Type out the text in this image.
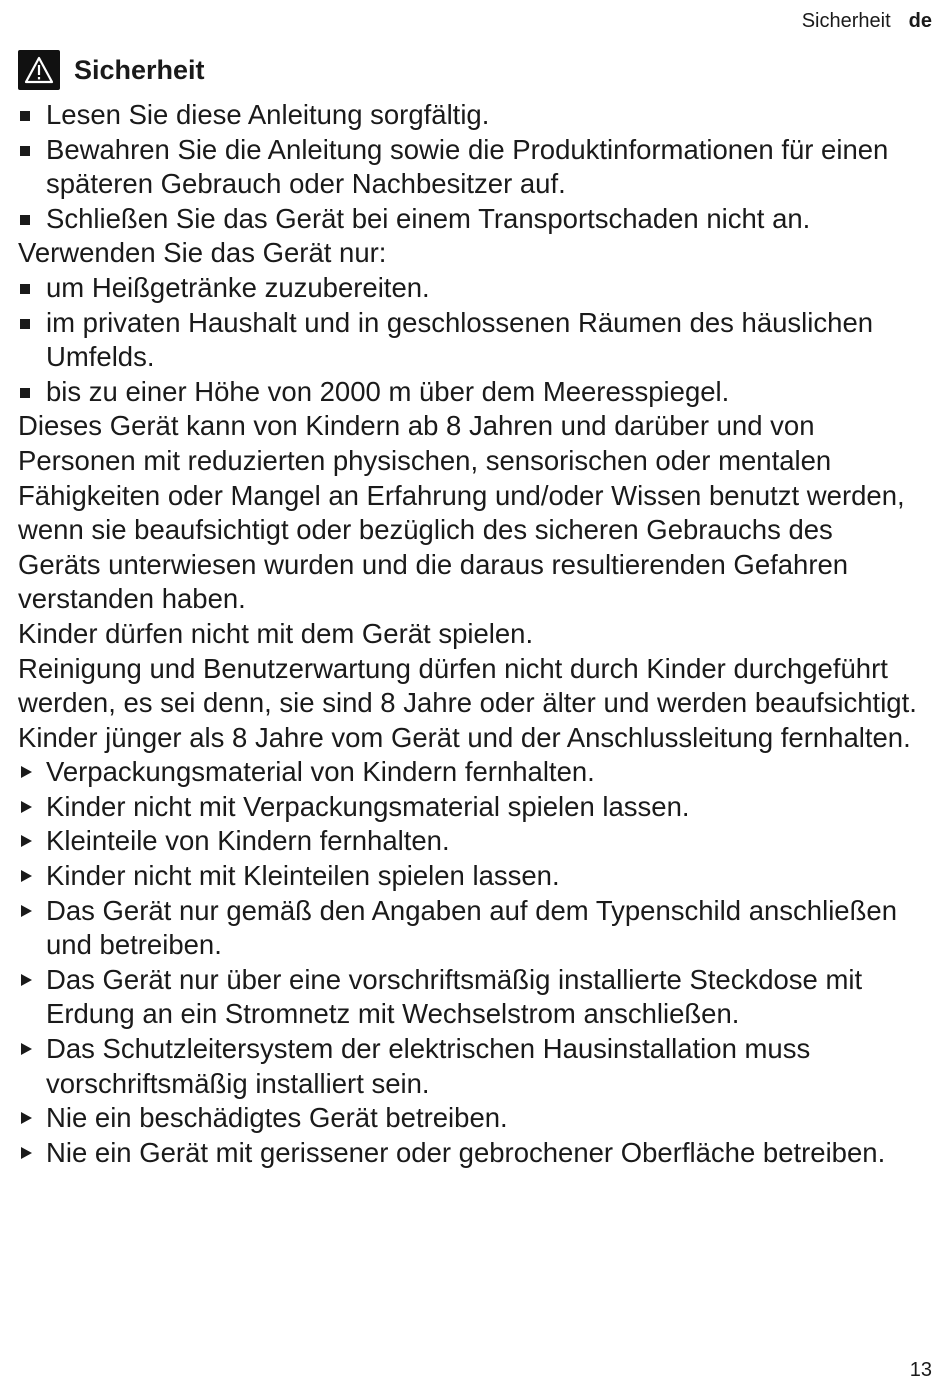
Sicherheit de
Sicherheit
Lesen Sie diese Anleitung sorgfältig.
Bewahren Sie die Anleitung sowie die Produktinformationen für einen späteren Gebrauch oder Nachbesitzer auf.
Schließen Sie das Gerät bei einem Transportschaden nicht an.

Verwenden Sie das Gerät nur:

um Heißgetränke zuzubereiten.
im privaten Haushalt und in geschlossenen Räumen des häuslichen Umfelds.
bis zu einer Höhe von 2000 m über dem Meeresspiegel.

Dieses Gerät kann von Kindern ab 8 Jahren und darüber und von Personen mit reduzierten physischen, sensorischen oder mentalen Fähigkeiten oder Mangel an Erfahrung und/oder Wissen benutzt werden, wenn sie beaufsichtigt oder bezüglich des sicheren Gebrauchs des Geräts unterwiesen wurden und die daraus resultierenden Gefahren verstanden haben.

Kinder dürfen nicht mit dem Gerät spielen.

Reinigung und Benutzerwartung dürfen nicht durch Kinder durchgeführt werden, es sei denn, sie sind 8 Jahre oder älter und werden beaufsichtigt.

Kinder jünger als 8 Jahre vom Gerät und der Anschlussleitung fernhalten.

Verpackungsmaterial von Kindern fernhalten.
Kinder nicht mit Verpackungsmaterial spielen lassen.
Kleinteile von Kindern fernhalten.
Kinder nicht mit Kleinteilen spielen lassen.
Das Gerät nur gemäß den Angaben auf dem Typenschild anschließen und betreiben.
Das Gerät nur über eine vorschriftsmäßig installierte Steckdose mit Erdung an ein Stromnetz mit Wechselstrom anschließen.
Das Schutzleitersystem der elektrischen Hausinstallation muss vorschriftsmäßig installiert sein.
Nie ein beschädigtes Gerät betreiben.
Nie ein Gerät mit gerissener oder gebrochener Oberfläche betreiben.
13
